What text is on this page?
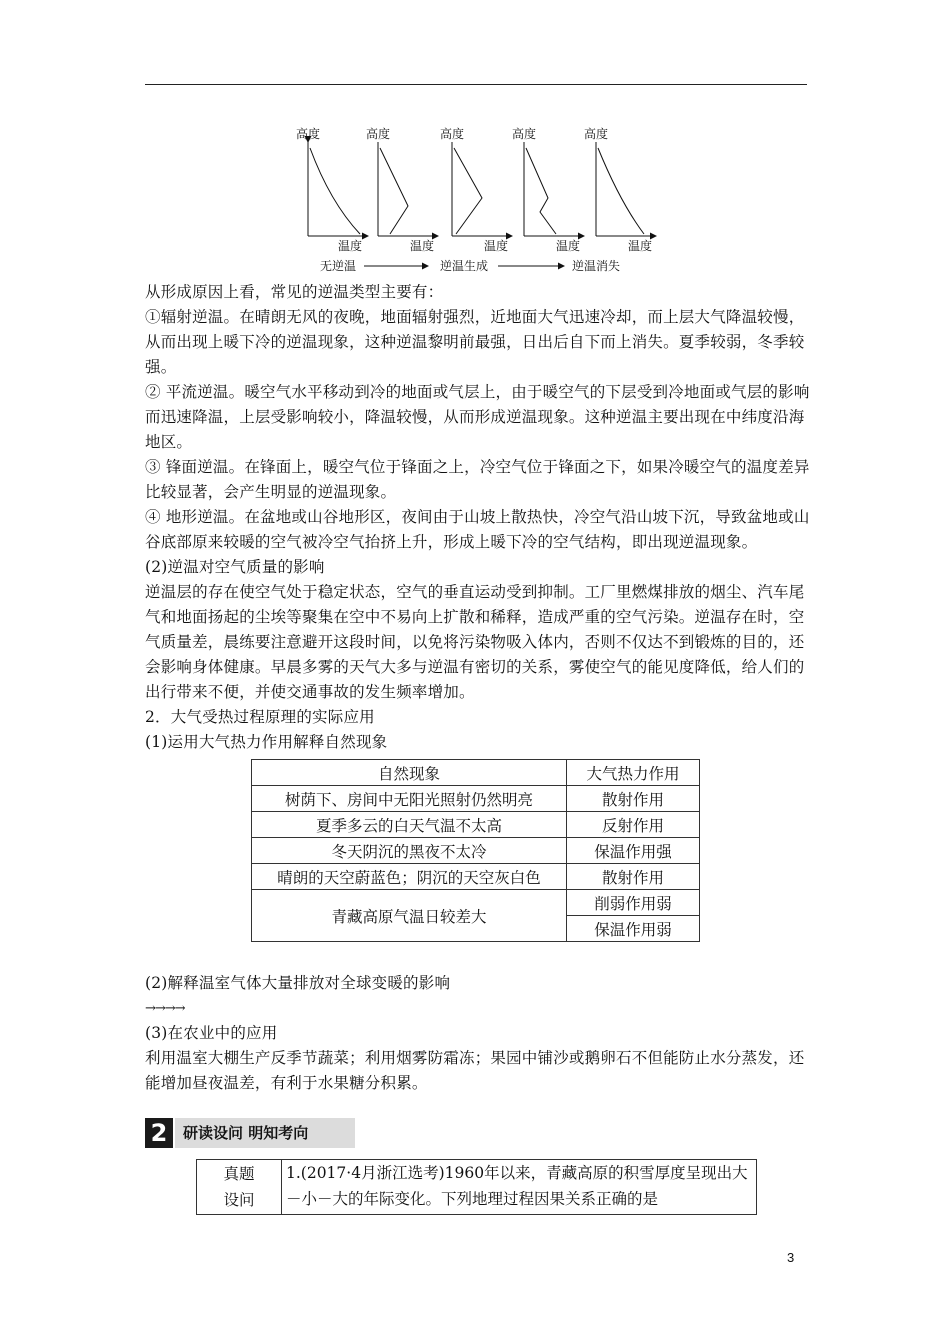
高度
温度
高度
温度
高度
温度
高度
温度
高度
温度
无逆温	逆温生成	逆温消失

从形成原因上看，常见的逆温类型主要有：

①辐射逆温。在晴朗无风的夜晚，地面辐射强烈，近地面大气迅速冷却，而上层大气降温较慢，从而出现上暖下冷的逆温现象，这种逆温黎明前最强，日出后自下而上消失。夏季较弱，冬季较强。

② 平流逆温。暖空气水平移动到冷的地面或气层上，由于暖空气的下层受到冷地面或气层的影响而迅速降温，上层受影响较小，降温较慢，从而形成逆温现象。这种逆温主要出现在中纬度沿海地区。

③ 锋面逆温。在锋面上，暖空气位于锋面之上，冷空气位于锋面之下，如果冷暖空气的温度差异比较显著，会产生明显的逆温现象。

④ 地形逆温。在盆地或山谷地形区，夜间由于山坡上散热快，冷空气沿山坡下沉，导致盆地或山谷底部原来较暖的空气被冷空气抬挤上升，形成上暖下冷的空气结构，即出现逆温现象。

(2)逆温对空气质量的影响

逆温层的存在使空气处于稳定状态，空气的垂直运动受到抑制。工厂里燃煤排放的烟尘、汽车尾气和地面扬起的尘埃等聚集在空中不易向上扩散和稀释，造成严重的空气污染。逆温存在时，空气质量差，晨练要注意避开这段时间，以免将污染物吸入体内，否则不仅达不到锻炼的目的，还会影响身体健康。早晨多雾的天气大多与逆温有密切的关系，雾使空气的能见度降低，给人们的出行带来不便，并使交通事故的发生频率增加。

2．大气受热过程原理的实际应用

(1)运用大气热力作用解释自然现象

自然现象	大气热力作用
树荫下、房间中无阳光照射仍然明亮	散射作用
夏季多云的白天气温不太高	反射作用
冬天阴沉的黑夜不太冷	保温作用强
晴朗的天空蔚蓝色；阴沉的天空灰白色	散射作用
青藏高原气温日较差大	削弱作用弱
	保温作用弱
(2)解释温室气体大量排放对全球变暖的影响
→→→→
(3)在农业中的应用
利用温室大棚生产反季节蔬菜；利用烟雾防霜冻；果园中铺沙或鹅卵石不但能防止水分蒸发，还能增加昼夜温差，有利于水果糖分积累。
2	研读设问 明知考向
真题
设问
	1.(2017·4月浙江选考)1960年以来，青藏高原的积雪厚度呈现出大－小－大的年际变化。下列地理过程因果关系正确的是
3
